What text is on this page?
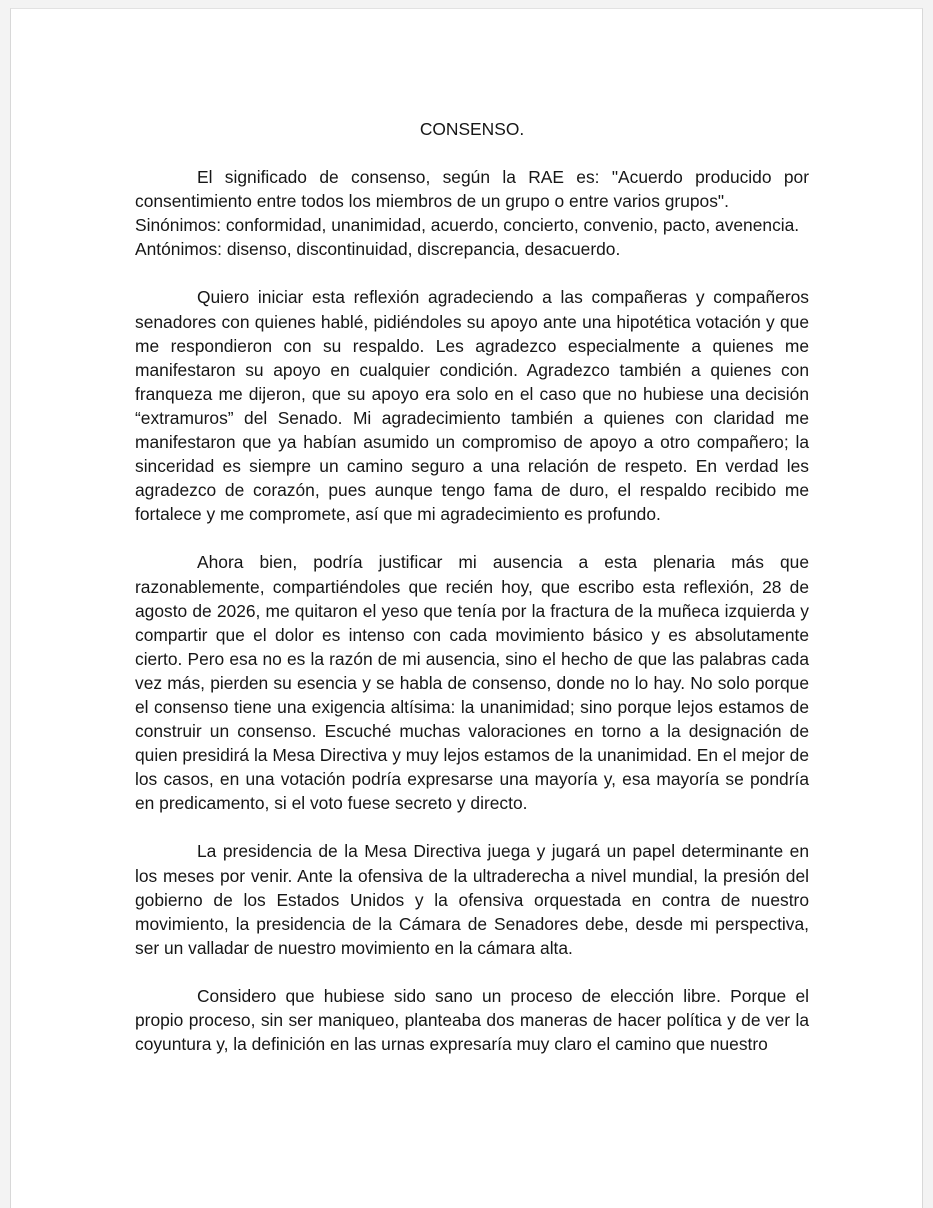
CONSENSO.

El significado de consenso, según la RAE es: "Acuerdo producido por consentimiento entre todos los miembros de un grupo o entre varios grupos".

Sinónimos: conformidad, unanimidad, acuerdo, concierto, convenio, pacto, avenencia.

Antónimos: disenso, discontinuidad, discrepancia, desacuerdo.

Quiero iniciar esta reflexión agradeciendo a las compañeras y compañeros senadores con quienes hablé, pidiéndoles su apoyo ante una hipotética votación y que me respondieron con su respaldo. Les agradezco especialmente a quienes me manifestaron su apoyo en cualquier condición. Agradezco también a quienes con franqueza me dijeron, que su apoyo era solo en el caso que no hubiese una decisión “extramuros” del Senado. Mi agradecimiento también a quienes con claridad me manifestaron que ya habían asumido un compromiso de apoyo a otro compañero; la sinceridad es siempre un camino seguro a una relación de respeto. En verdad les agradezco de corazón, pues aunque tengo fama de duro, el respaldo recibido me fortalece y me compromete, así que mi agradecimiento es profundo.

Ahora bien, podría justificar mi ausencia a esta plenaria más que razonablemente, compartiéndoles que recién hoy, que escribo esta reflexión, 28 de agosto de 2026, me quitaron el yeso que tenía por la fractura de la muñeca izquierda y compartir que el dolor es intenso con cada movimiento básico y es absolutamente cierto. Pero esa no es la razón de mi ausencia, sino el hecho de que las palabras cada vez más, pierden su esencia y se habla de consenso, donde no lo hay. No solo porque el consenso tiene una exigencia altísima: la unanimidad; sino porque lejos estamos de construir un consenso. Escuché muchas valoraciones en torno a la designación de quien presidirá la Mesa Directiva y muy lejos estamos de la unanimidad. En el mejor de los casos, en una votación podría expresarse una mayoría y, esa mayoría se pondría en predicamento, si el voto fuese secreto y directo.

La presidencia de la Mesa Directiva juega y jugará un papel determinante en los meses por venir. Ante la ofensiva de la ultraderecha a nivel mundial, la presión del gobierno de los Estados Unidos y la ofensiva orquestada en contra de nuestro movimiento, la presidencia de la Cámara de Senadores debe, desde mi perspectiva, ser un valladar de nuestro movimiento en la cámara alta.

Considero que hubiese sido sano un proceso de elección libre. Porque el propio proceso, sin ser maniqueo, planteaba dos maneras de hacer política y de ver la coyuntura y, la definición en las urnas expresaría muy claro el camino que nuestro
